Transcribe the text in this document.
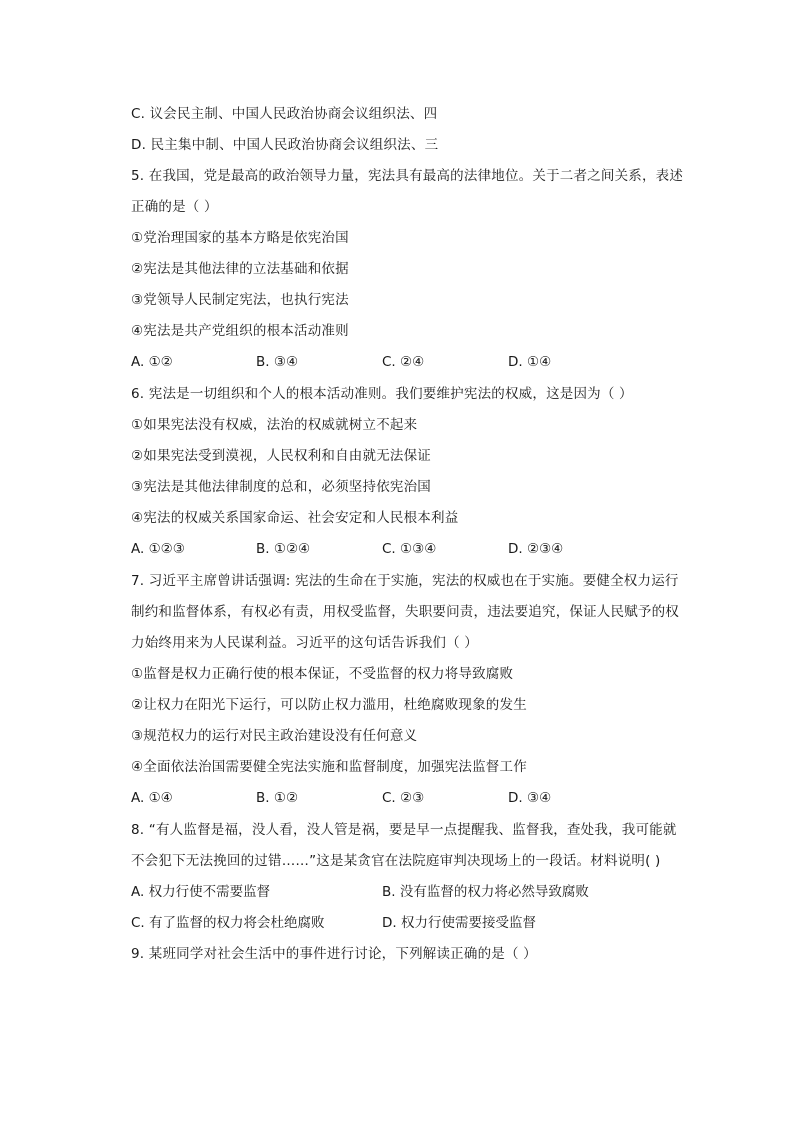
C. 议会民主制、中国人民政治协商会议组织法、四
D. 民主集中制、中国人民政治协商会议组织法、三
5. 在我国，党是最高的政治领导力量，宪法具有最高的法律地位。关于二者之间关系，表述
正确的是（ ）
①党治理国家的基本方略是依宪治国
②宪法是其他法律的立法基础和依据
③党领导人民制定宪法，也执行宪法
④宪法是共产党组织的根本活动准则
A. ①②	B. ③④	C. ②④	D. ①④
6. 宪法是一切组织和个人的根本活动准则。我们要维护宪法的权威，这是因为（ ）
①如果宪法没有权威，法治的权威就树立不起来
②如果宪法受到漠视，人民权利和自由就无法保证
③宪法是其他法律制度的总和，必须坚持依宪治国
④宪法的权威关系国家命运、社会安定和人民根本利益
A. ①②③	B. ①②④	C. ①③④	D. ②③④
7. 习近平主席曾讲话强调: 宪法的生命在于实施，宪法的权威也在于实施。要健全权力运行
制约和监督体系，有权必有责，用权受监督，失职要问责，违法要追究，保证人民赋予的权
力始终用来为人民谋利益。习近平的这句话告诉我们（ ）
①监督是权力正确行使的根本保证，不受监督的权力将导致腐败
②让权力在阳光下运行，可以防止权力滥用，杜绝腐败现象的发生
③规范权力的运行对民主政治建设没有任何意义
④全面依法治国需要健全宪法实施和监督制度，加强宪法监督工作
A. ①④	B. ①②	C. ②③	D. ③④
8. “有人监督是福，没人看，没人管是祸，要是早一点提醒我、监督我，查处我，我可能就
不会犯下无法挽回的过错……”这是某贪官在法院庭审判决现场上的一段话。材料说明( )
A. 权力行使不需要监督	B. 没有监督的权力将必然导致腐败
C. 有了监督的权力将会杜绝腐败	D. 权力行使需要接受监督
9. 某班同学对社会生活中的事件进行讨论，下列解读正确的是（ ）
